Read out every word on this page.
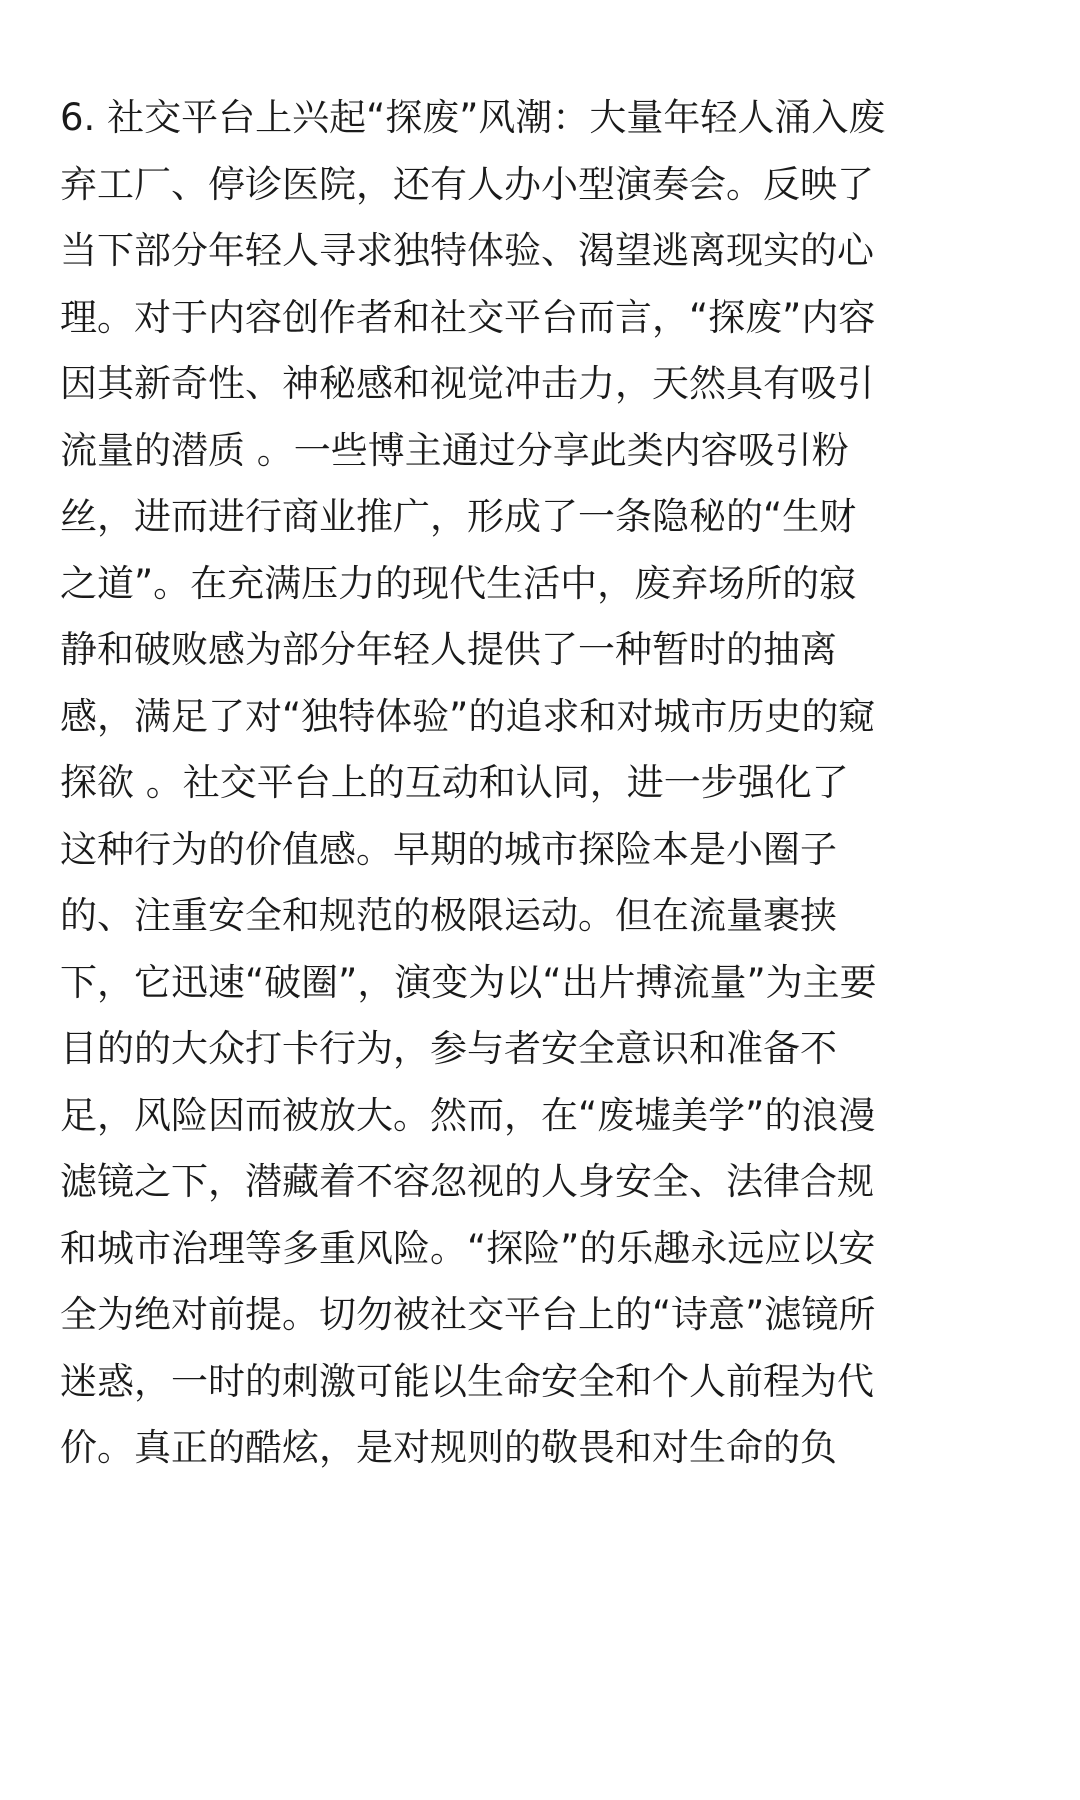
6. 社交平台上兴起“探废”风潮：大量年轻人涌入废
弃工厂、停诊医院，还有人办小型演奏会。反映了
当下部分年轻人寻求独特体验、渴望逃离现实的心
理。对于内容创作者和社交平台而言，“探废”内容
因其新奇性、神秘感和视觉冲击力，天然具有吸引
流量的潜质 。一些博主通过分享此类内容吸引粉
丝，进而进行商业推广，形成了一条隐秘的“生财
之道”。在充满压力的现代生活中，废弃场所的寂
静和破败感为部分年轻人提供了一种暂时的抽离
感，满足了对“独特体验”的追求和对城市历史的窥
探欲 。社交平台上的互动和认同，进一步强化了
这种行为的价值感。早期的城市探险本是小圈子
的、注重安全和规范的极限运动。但在流量裹挟
下，它迅速“破圈”，演变为以“出片搏流量”为主要
目的的大众打卡行为，参与者安全意识和准备不
足，风险因而被放大。然而，在“废墟美学”的浪漫
滤镜之下，潜藏着不容忽视的人身安全、法律合规
和城市治理等多重风险。“探险”的乐趣永远应以安
全为绝对前提。切勿被社交平台上的“诗意”滤镜所
迷惑，一时的刺激可能以生命安全和个人前程为代
价。真正的酷炫，是对规则的敬畏和对生命的负
